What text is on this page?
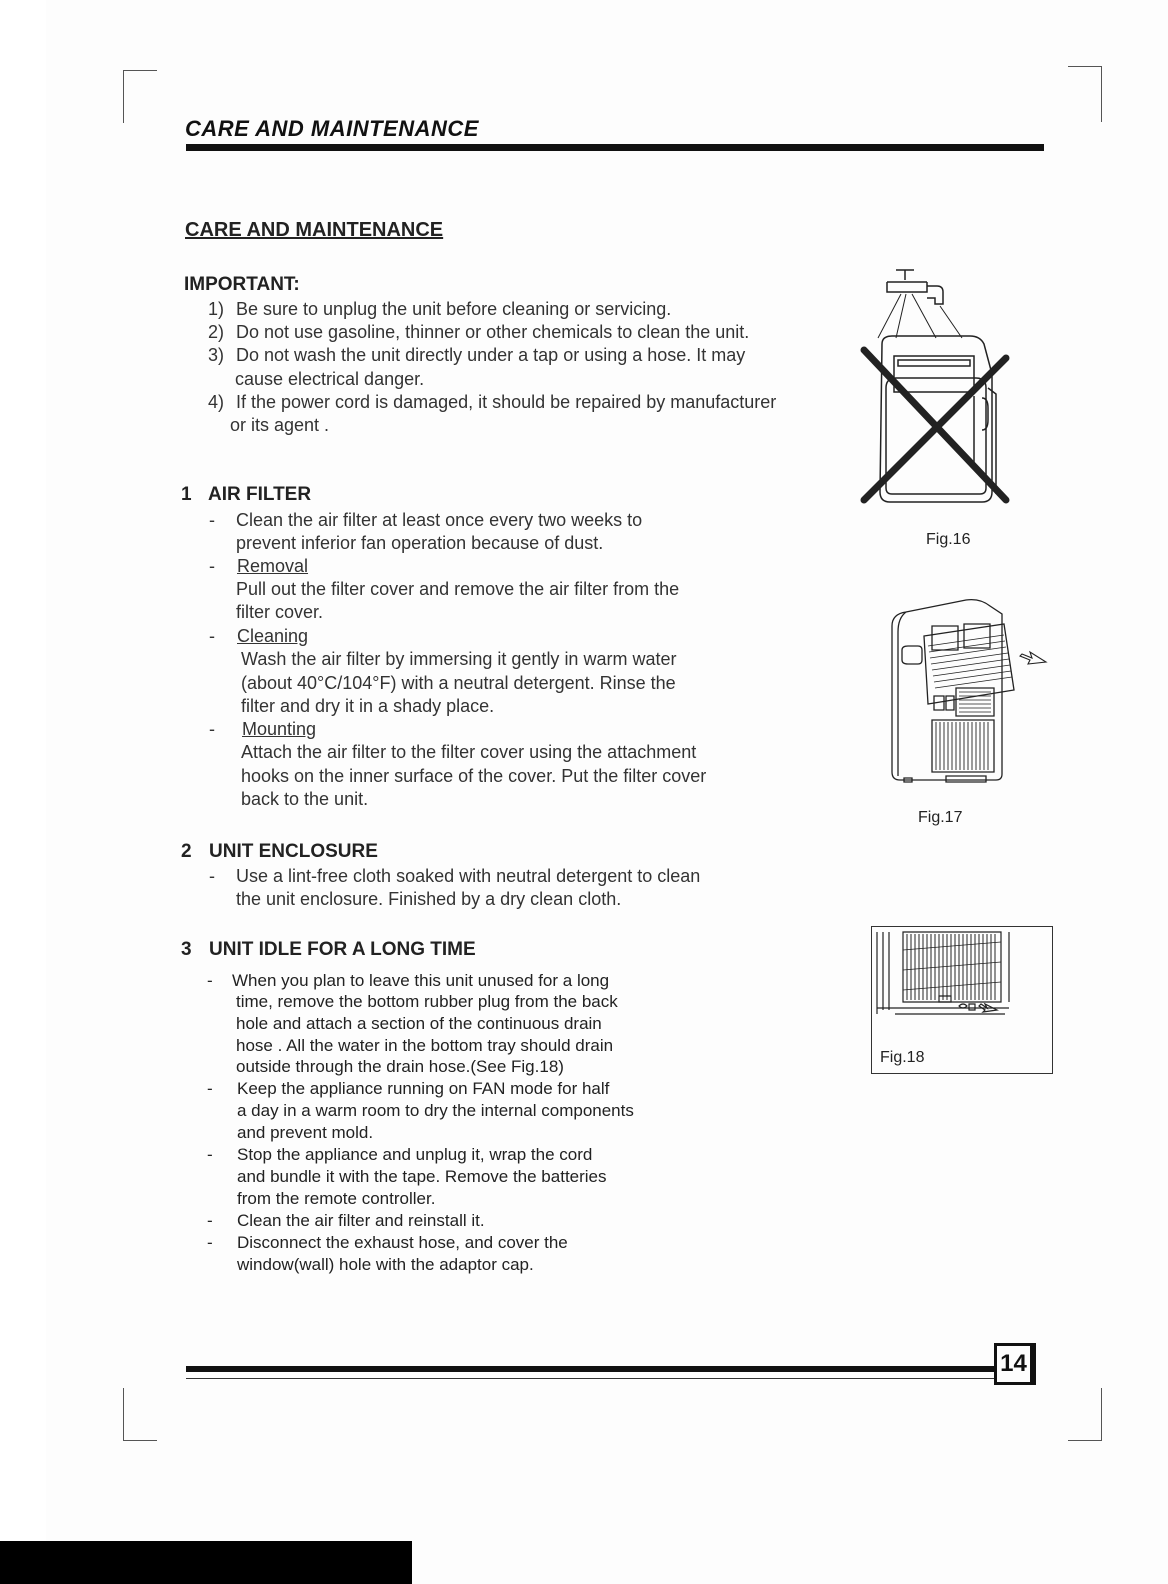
CARE AND MAINTENANCE
CARE AND MAINTENANCE
IMPORTANT:
1) Be sure to unplug the unit before cleaning or servicing.
2) Do not use gasoline, thinner or other chemicals to clean the unit.
3) Do not wash the unit directly under a tap or using a hose. It may
cause electrical danger.
4) If the power cord is damaged, it should be repaired by manufacturer
or its agent .
1 AIR FILTER
- Clean the air filter at least once every two weeks to
prevent inferior fan operation because of dust.
- Removal
Pull out the filter cover and remove the air filter from the
filter cover.
- Cleaning
Wash the air filter by immersing it gently in warm water
(about 40°C/104°F) with a neutral detergent. Rinse the
filter and dry it in a shady place.
- Mounting
Attach the air filter to the filter cover using the attachment
hooks on the inner surface of the cover. Put the filter cover
back to the unit.
2 UNIT ENCLOSURE
- Use a lint-free cloth soaked with neutral detergent to clean
the unit enclosure. Finished by a dry clean cloth.
3 UNIT IDLE FOR A LONG TIME
- When you plan to leave this unit unused for a long
time, remove the bottom rubber plug from the back
hole and attach a section of the continuous drain
hose . All the water in the bottom tray should drain
outside through the drain hose.(See Fig.18)
- Keep the appliance running on FAN mode for half
a day in a warm room to dry the internal components
and prevent mold.
- Stop the appliance and unplug it, wrap the cord
and bundle it with the tape. Remove the batteries
from the remote controller.
- Clean the air filter and reinstall it.
- Disconnect the exhaust hose, and cover the
window(wall) hole with the adaptor cap.
Fig.16
Fig.17
Fig.18
14
